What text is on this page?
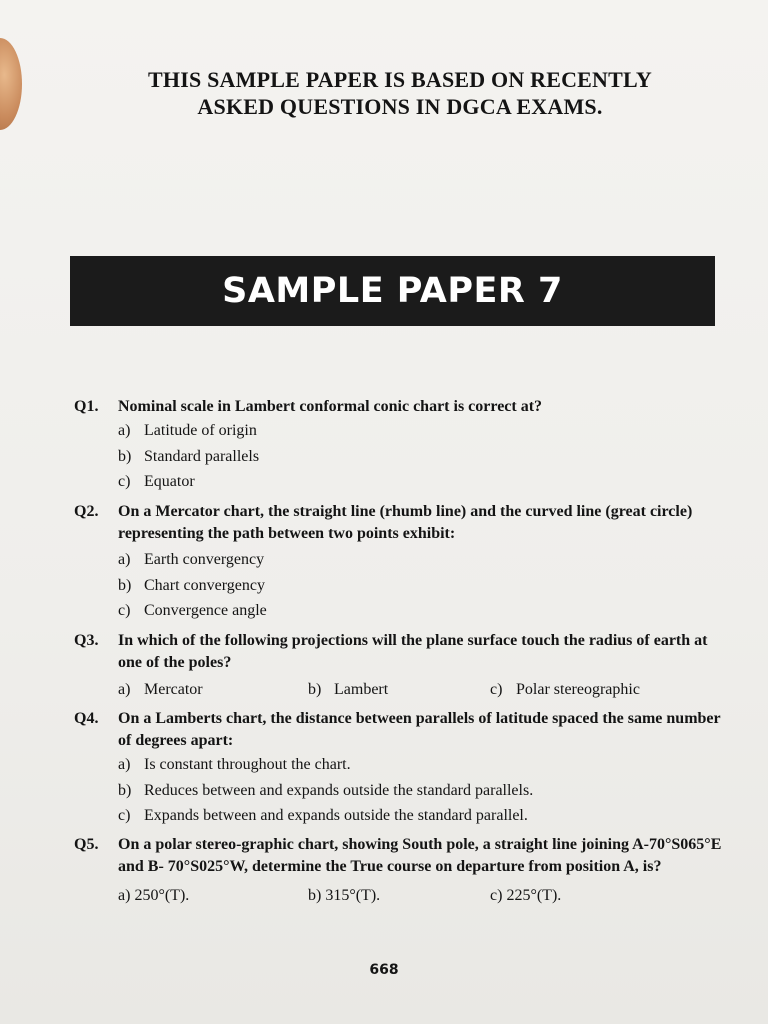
THIS SAMPLE PAPER IS BASED ON RECENTLY
ASKED QUESTIONS IN DGCA EXAMS.
SAMPLE PAPER 7
Q1.	Nominal scale in Lambert conformal conic chart is correct at?
a) Latitude of origin
b) Standard parallels
c) Equator
Q2.	On a Mercator chart, the straight line (rhumb line) and the curved line (great circle) representing the path between two points exhibit:
a) Earth convergency
b) Chart convergency
c) Convergence angle
Q3.	In which of the following projections will the plane surface touch the radius of earth at one of the poles?
a) Mercator	b) Lambert	c) Polar stereographic
Q4.	On a Lamberts chart, the distance between parallels of latitude spaced the same number of degrees apart:
a) Is constant throughout the chart.
b) Reduces between and expands outside the standard parallels.
c) Expands between and expands outside the standard parallel.
Q5.	On a polar stereo-graphic chart, showing South pole, a straight line joining A-70°S065°E and B- 70°S025°W, determine the True course on departure from position A, is?
a) 250°(T).	b) 315°(T).	c) 225°(T).
668
